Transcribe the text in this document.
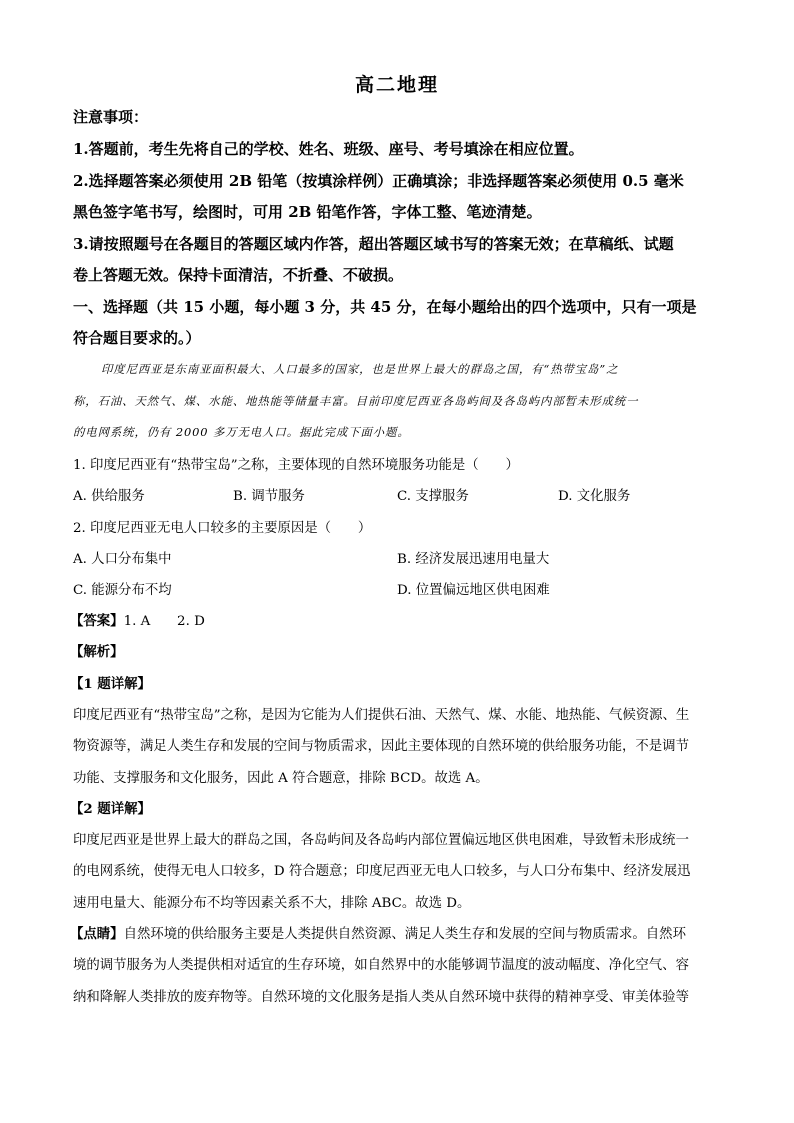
高二地理
注意事项：
1.答题前，考生先将自己的学校、姓名、班级、座号、考号填涂在相应位置。
2.选择题答案必须使用 2B 铅笔（按填涂样例）正确填涂；非选择题答案必须使用 0.5 毫米
黑色签字笔书写，绘图时，可用 2B 铅笔作答，字体工整、笔迹清楚。
3.请按照题号在各题目的答题区域内作答，超出答题区域书写的答案无效；在草稿纸、试题
卷上答题无效。保持卡面清洁，不折叠、不破损。
一、选择题（共 15 小题，每小题 3 分，共 45 分，在每小题给出的四个选项中，只有一项是
符合题目要求的。）
印度尼西亚是东南亚面积最大、人口最多的国家，也是世界上最大的群岛之国，有“热带宝岛”之
称，石油、天然气、煤、水能、地热能等储量丰富。目前印度尼西亚各岛屿间及各岛屿内部暂未形成统一
的电网系统，仍有 2000 多万无电人口。据此完成下面小题。
1. 印度尼西亚有“热带宝岛”之称，主要体现的自然环境服务功能是（　　）
A. 供给服务	B. 调节服务	C. 支撑服务	D. 文化服务
2. 印度尼西亚无电人口较多的主要原因是（　　）
A. 人口分布集中	B. 经济发展迅速用电量大
C. 能源分布不均	D. 位置偏远地区供电困难
【答案】1. A　　2. D
【解析】
【1 题详解】
印度尼西亚有“热带宝岛”之称，是因为它能为人们提供石油、天然气、煤、水能、地热能、气候资源、生
物资源等，满足人类生存和发展的空间与物质需求，因此主要体现的自然环境的供给服务功能，不是调节
功能、支撑服务和文化服务，因此 A 符合题意，排除 BCD。故选 A。
【2 题详解】
印度尼西亚是世界上最大的群岛之国，各岛屿间及各岛屿内部位置偏远地区供电困难，导致暂未形成统一
的电网系统，使得无电人口较多，D 符合题意；印度尼西亚无电人口较多，与人口分布集中、经济发展迅
速用电量大、能源分布不均等因素关系不大，排除 ABC。故选 D。
【点睛】自然环境的供给服务主要是人类提供自然资源、满足人类生存和发展的空间与物质需求。自然环
境的调节服务为人类提供相对适宜的生存环境，如自然界中的水能够调节温度的波动幅度、净化空气、容
纳和降解人类排放的废弃物等。自然环境的文化服务是指人类从自然环境中获得的精神享受、审美体验等
